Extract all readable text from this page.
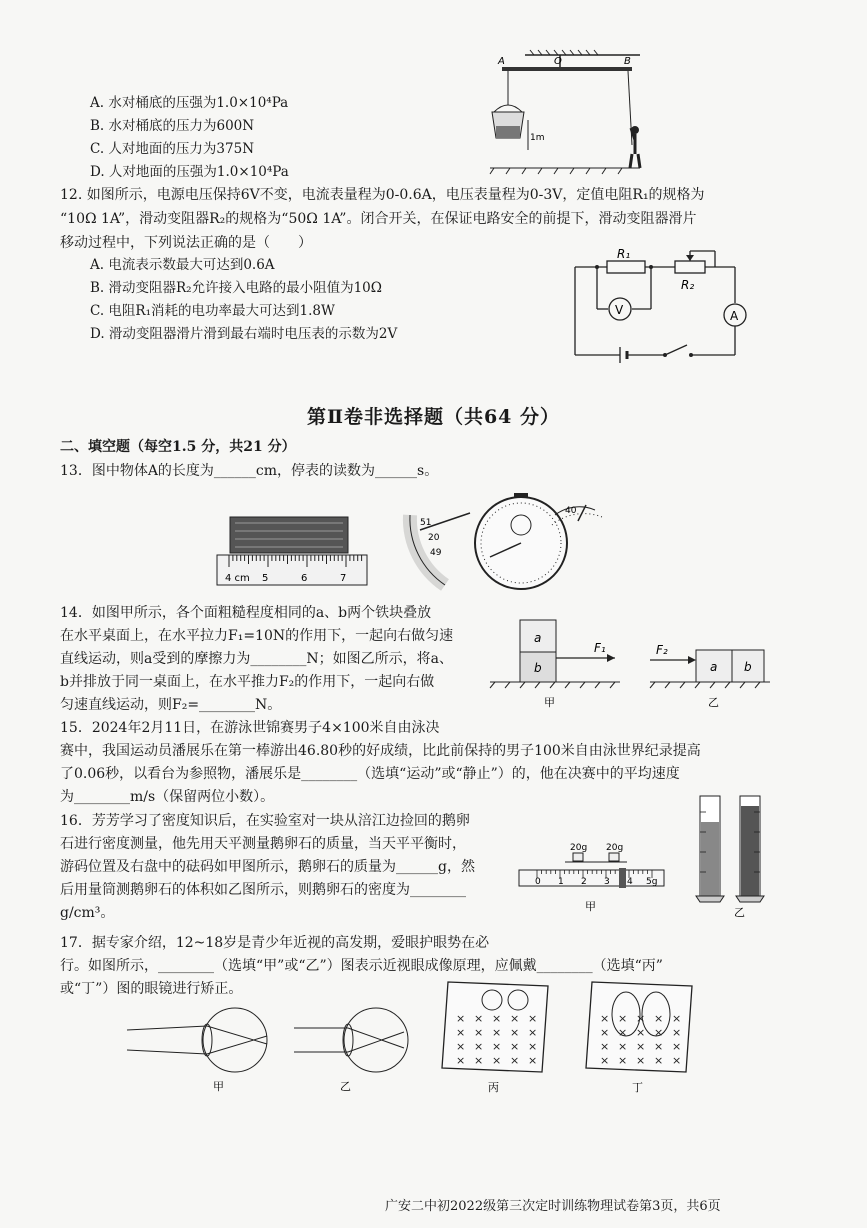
A	O	B
1m
A. 水对桶底的压强为1.0×10⁴Pa
B. 水对桶底的压力为600N
C. 人对地面的压力为375N
D. 人对地面的压强为1.0×10⁴Pa
12. 如图所示，电源电压保持6V不变，电流表量程为0-0.6A，电压表量程为0-3V，定值电阻R₁的规格为
“10Ω 1A”，滑动变阻器R₂的规格为“50Ω 1A”。闭合开关，在保证电路安全的前提下，滑动变阻器滑片
移动过程中，下列说法正确的是（　　）
A. 电流表示数最大可达到0.6A
B. 滑动变阻器R₂允许接入电路的最小阻值为10Ω
C. 电阻R₁消耗的电功率最大可达到1.8W
D. 滑动变阻器滑片滑到最右端时电压表的示数为2V
R₁
R₂
V	A
第Ⅱ卷非选择题（共64 分）
二、填空题（每空1.5 分，共21 分）
13．图中物体A的长度为______cm，停表的读数为______s。
4 cm 5	6	7
51
20
49
40
14．如图甲所示，各个面粗糙程度相同的a、b两个铁块叠放
在水平桌面上，在水平拉力F₁=10N的作用下，一起向右做匀速
直线运动，则a受到的摩擦力为________N；如图乙所示，将a、
b并排放于同一桌面上，在水平推力F₂的作用下，一起向右做
匀速直线运动，则F₂=________N。
a
b
F₁
甲
F₂
a b
乙
15．2024年2月11日，在游泳世锦赛男子4×100米自由泳决
赛中，我国运动员潘展乐在第一棒游出46.80秒的好成绩，比此前保持的男子100米自由泳世界纪录提高
了0.06秒，以看台为参照物，潘展乐是________（选填“运动”或“静止”）的，他在决赛中的平均速度
为________m/s（保留两位小数）。
16．芳芳学习了密度知识后，在实验室对一块从涪江边捡回的鹅卵
石进行密度测量，他先用天平测量鹅卵石的质量，当天平平衡时，
游码位置及右盘中的砝码如甲图所示，鹅卵石的质量为______g，然
后用量筒测鹅卵石的体积如乙图所示，则鹅卵石的密度为________
g/cm³。
20g 20g
0 1 2 3 4 5g
甲	乙
17．据专家介绍，12~18岁是青少年近视的高发期，爱眼护眼势在必
行。如图所示，________（选填“甲”或“乙”）图表示近视眼成像原理，应佩戴________（选填“丙”
或“丁”）图的眼镜进行矫正。
甲	乙
× × × × ×
× × × × ×
× × × × ×
× × × × ×
丙
× × × × ×
× × × × ×
× × × × ×
× × × × ×
丁
广安二中初2022级第三次定时训练物理试卷第3页，共6页
